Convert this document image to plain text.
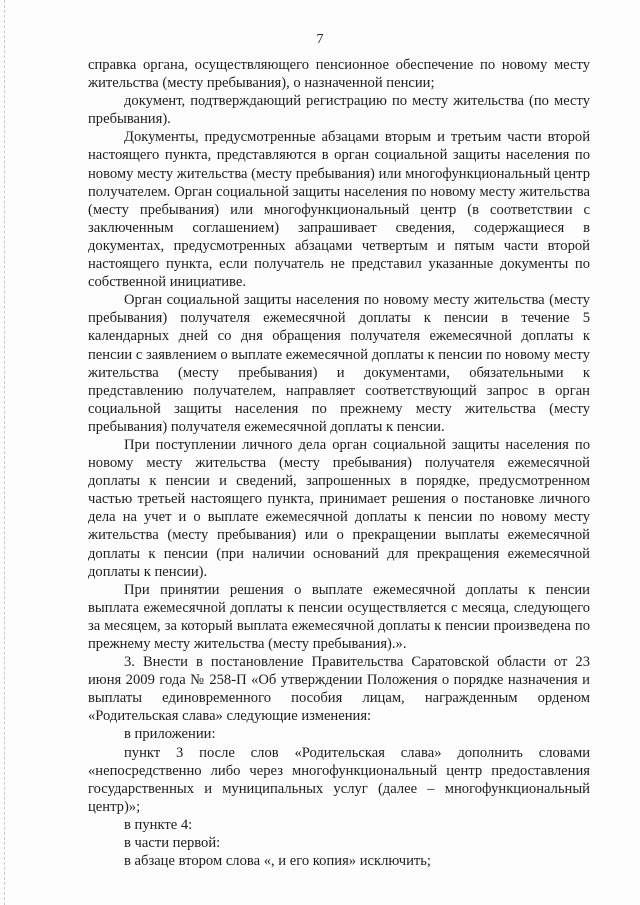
7

справка органа, осуществляющего пенсионное обеспечение по новому месту жительства (месту пребывания), о назначенной пенсии;

документ, подтверждающий регистрацию по месту жительства (по месту пребывания).

Документы, предусмотренные абзацами вторым и третьим части второй настоящего пункта, представляются в орган социальной защиты населения по новому месту жительства (месту пребывания) или многофункциональный центр получателем. Орган социальной защиты населения по новому месту жительства (месту пребывания) или многофункциональный центр (в соответствии с заключенным соглашением) запрашивает сведения, содержащиеся в документах, предусмотренных абзацами четвертым и пятым части второй настоящего пункта, если получатель не представил указанные документы по собственной инициативе.

Орган социальной защиты населения по новому месту жительства (месту пребывания) получателя ежемесячной доплаты к пенсии в течение 5 календарных дней со дня обращения получателя ежемесячной доплаты к пенсии с заявлением о выплате ежемесячной доплаты к пенсии по новому месту жительства (месту пребывания) и документами, обязательными к представлению получателем, направляет соответствующий запрос в орган социальной защиты населения по прежнему месту жительства (месту пребывания) получателя ежемесячной доплаты к пенсии.

При поступлении личного дела орган социальной защиты населения по новому месту жительства (месту пребывания) получателя ежемесячной доплаты к пенсии и сведений, запрошенных в порядке, предусмотренном частью третьей настоящего пункта, принимает решения о постановке личного дела на учет и о выплате ежемесячной доплаты к пенсии по новому месту жительства (месту пребывания) или о прекращении выплаты ежемесячной доплаты к пенсии (при наличии оснований для прекращения ежемесячной доплаты к пенсии).

При принятии решения о выплате ежемесячной доплаты к пенсии выплата ежемесячной доплаты к пенсии осуществляется с месяца, следующего за месяцем, за который выплата ежемесячной доплаты к пенсии произведена по прежнему месту жительства (месту пребывания).».

3. Внести в постановление Правительства Саратовской области от 23 июня 2009 года № 258-П «Об утверждении Положения о порядке назначения и выплаты единовременного пособия лицам, награжденным орденом «Родительская слава» следующие изменения:

в приложении:

пункт 3 после слов «Родительская слава» дополнить словами «непосредственно либо через многофункциональный центр предоставления государственных и муниципальных услуг (далее – многофункциональный центр)»;

в пункте 4:

в части первой:

в абзаце втором слова «, и его копия» исключить;
